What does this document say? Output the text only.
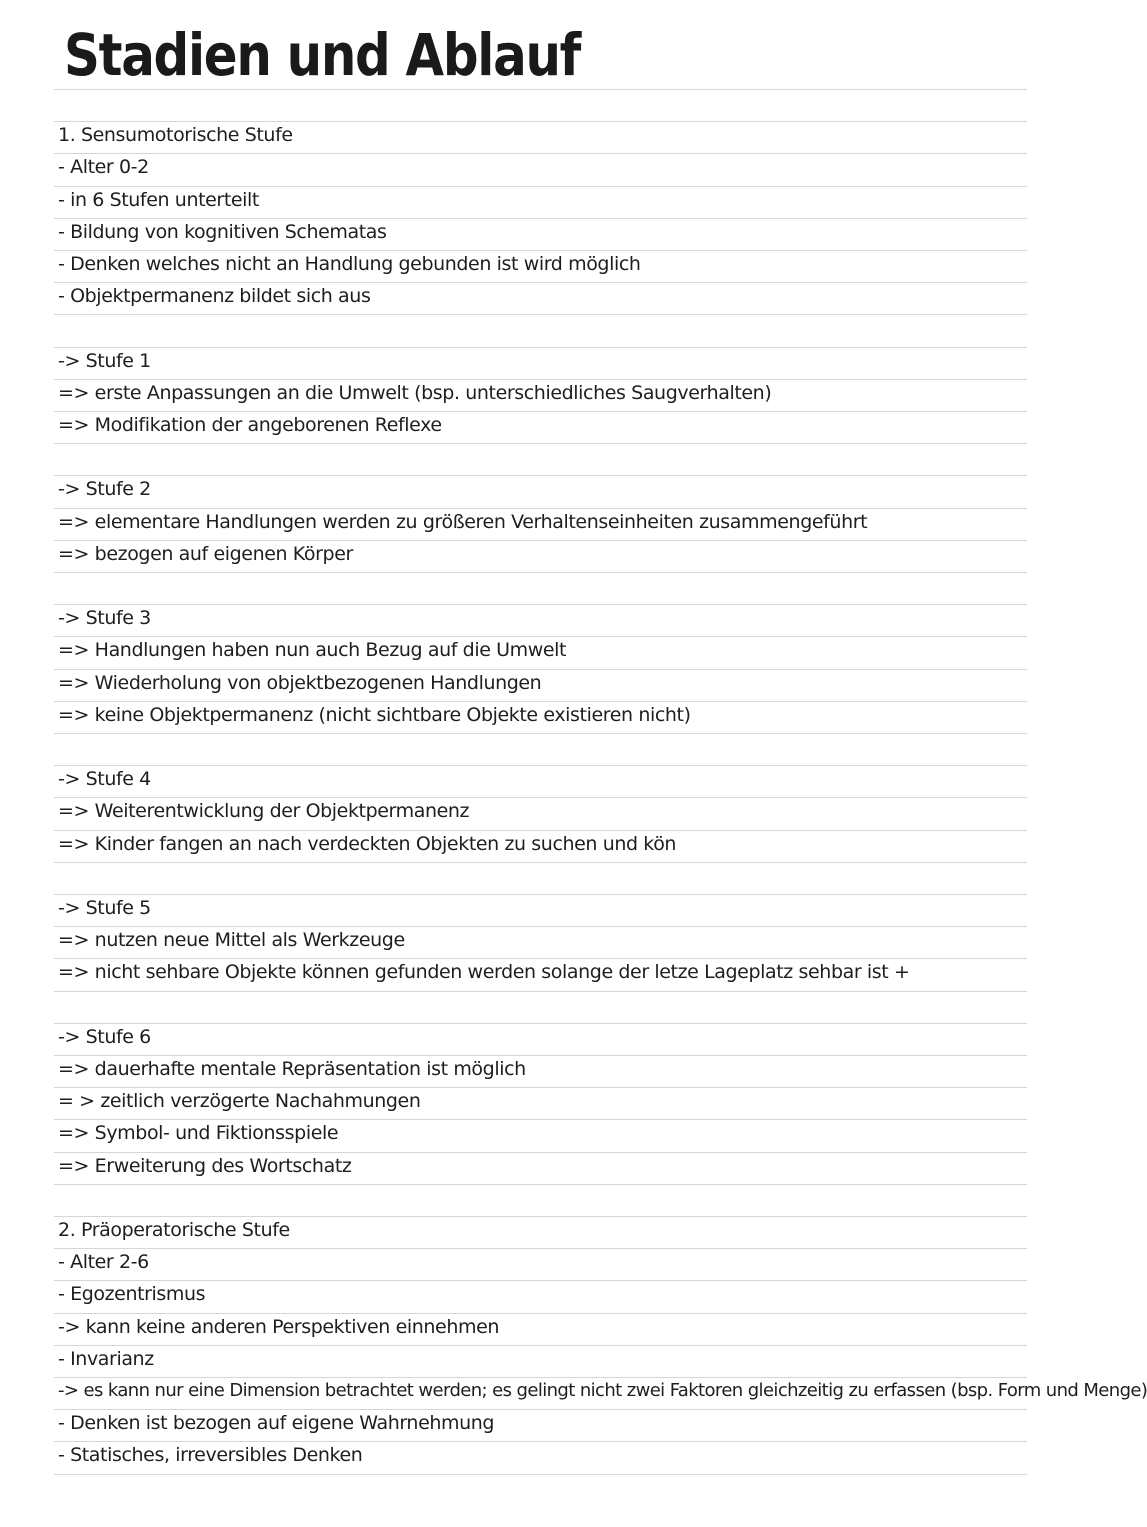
Stadien und Ablauf
1. Sensumotorische Stufe
- Alter 0-2
- in 6 Stufen unterteilt
- Bildung von kognitiven Schematas
- Denken welches nicht an Handlung gebunden ist wird möglich
- Objektpermanenz bildet sich aus
-> Stufe 1
=> erste Anpassungen an die Umwelt (bsp. unterschiedliches Saugverhalten)
=> Modifikation der angeborenen Reflexe
-> Stufe 2
=> elementare Handlungen werden zu größeren Verhaltenseinheiten zusammengeführt
=> bezogen auf eigenen Körper
-> Stufe 3
=> Handlungen haben nun auch Bezug auf die Umwelt
=> Wiederholung von objektbezogenen Handlungen
=> keine Objektpermanenz (nicht sichtbare Objekte existieren nicht)
-> Stufe 4
=> Weiterentwicklung der Objektpermanenz
=> Kinder fangen an nach verdeckten Objekten zu suchen und kön
-> Stufe 5
=> nutzen neue Mittel als Werkzeuge
=> nicht sehbare Objekte können gefunden werden solange der letze Lageplatz sehbar ist +
-> Stufe 6
=> dauerhafte mentale Repräsentation ist möglich
= > zeitlich verzögerte Nachahmungen
=> Symbol- und Fiktionsspiele
=> Erweiterung des Wortschatz
2. Präoperatorische Stufe
- Alter 2-6
- Egozentrismus
-> kann keine anderen Perspektiven einnehmen
- Invarianz
-> es kann nur eine Dimension betrachtet werden; es gelingt nicht zwei Faktoren gleichzeitig zu erfassen (bsp. Form und Menge)
- Denken ist bezogen auf eigene Wahrnehmung
- Statisches, irreversibles Denken
